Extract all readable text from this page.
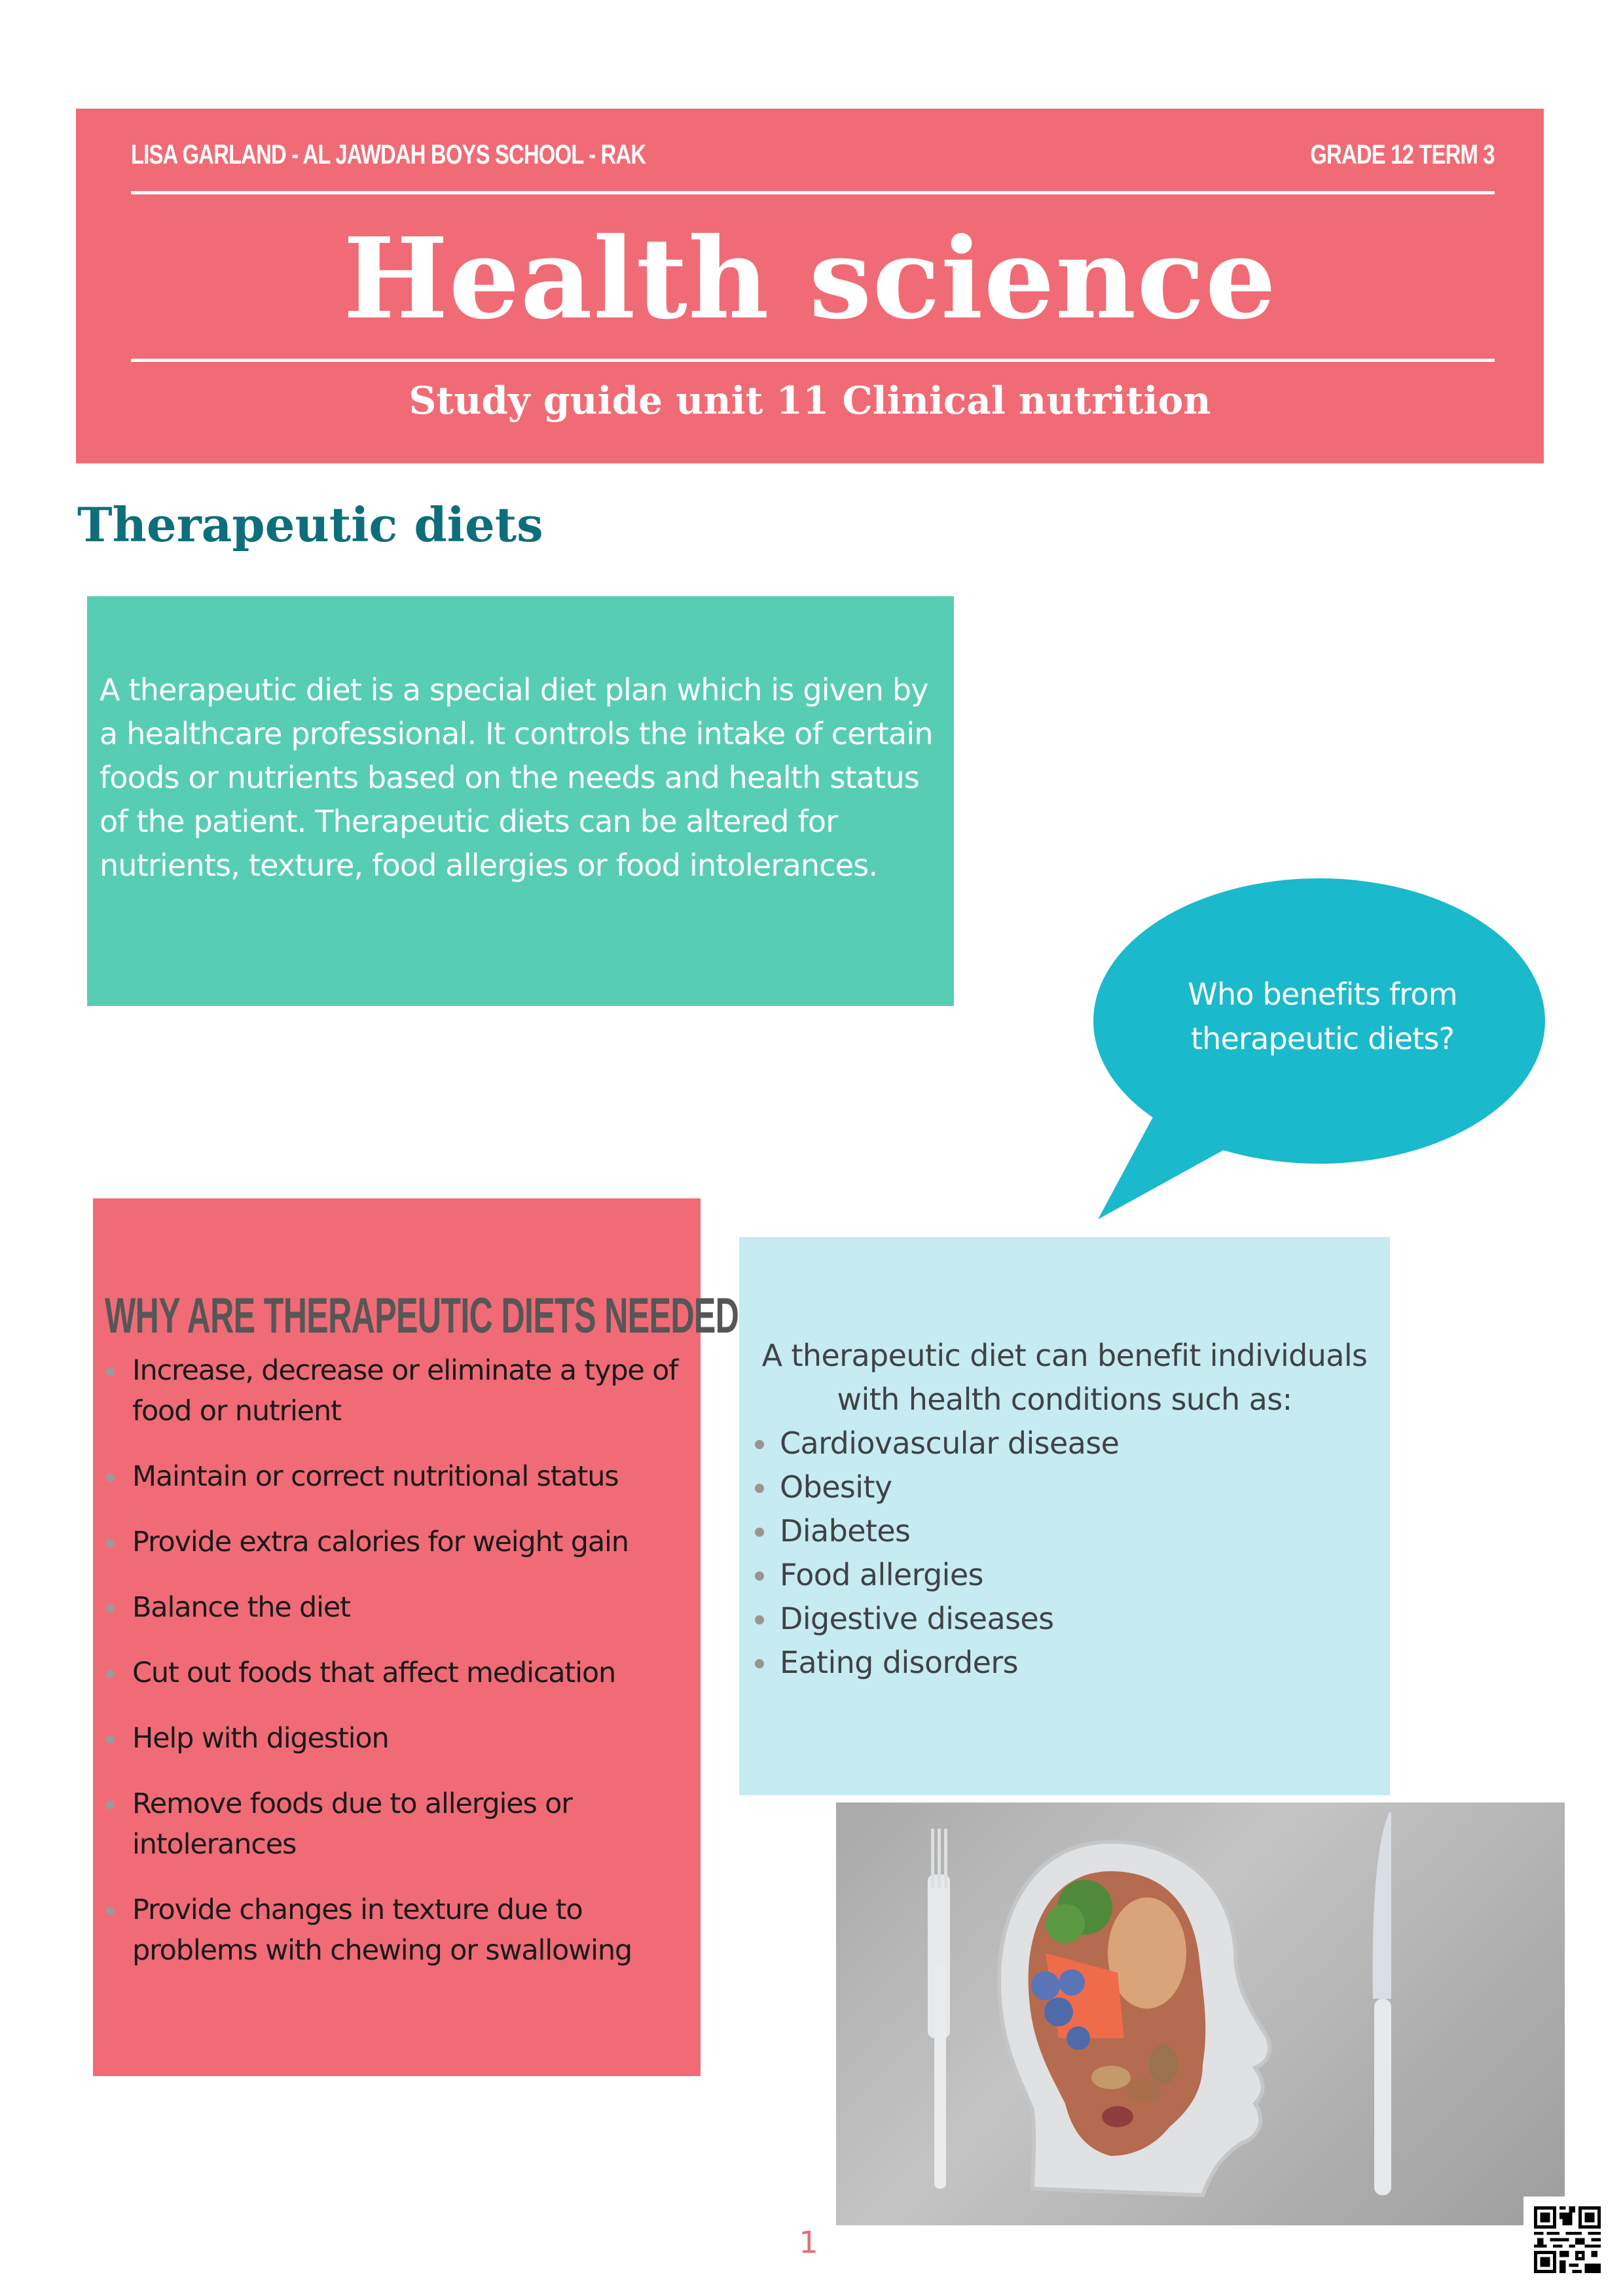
LISA GARLAND - AL JAWDAH BOYS SCHOOL - RAK	GRADE 12 TERM 3
Health science
Study guide unit 11 Clinical nutrition
Therapeutic diets
A therapeutic diet is a special diet plan which is given by a healthcare professional. It controls the intake of certain foods or nutrients based on the needs and health status of the patient. Therapeutic diets can be altered for nutrients, texture, food allergies or food intolerances.
Who benefits from
therapeutic diets?
WHY ARE THERAPEUTIC DIETS NEEDED
Increase, decrease or eliminate a type of food or nutrient
Maintain or correct nutritional status
Provide extra calories for weight gain
Balance the diet
Cut out foods that affect medication
Help with digestion
Remove foods due to allergies or intolerances
Provide changes in texture due to problems with chewing or swallowing
A therapeutic diet can benefit individuals with health conditions such as:
Cardiovascular disease
Obesity
Diabetes
Food allergies
Digestive diseases
Eating disorders
1
